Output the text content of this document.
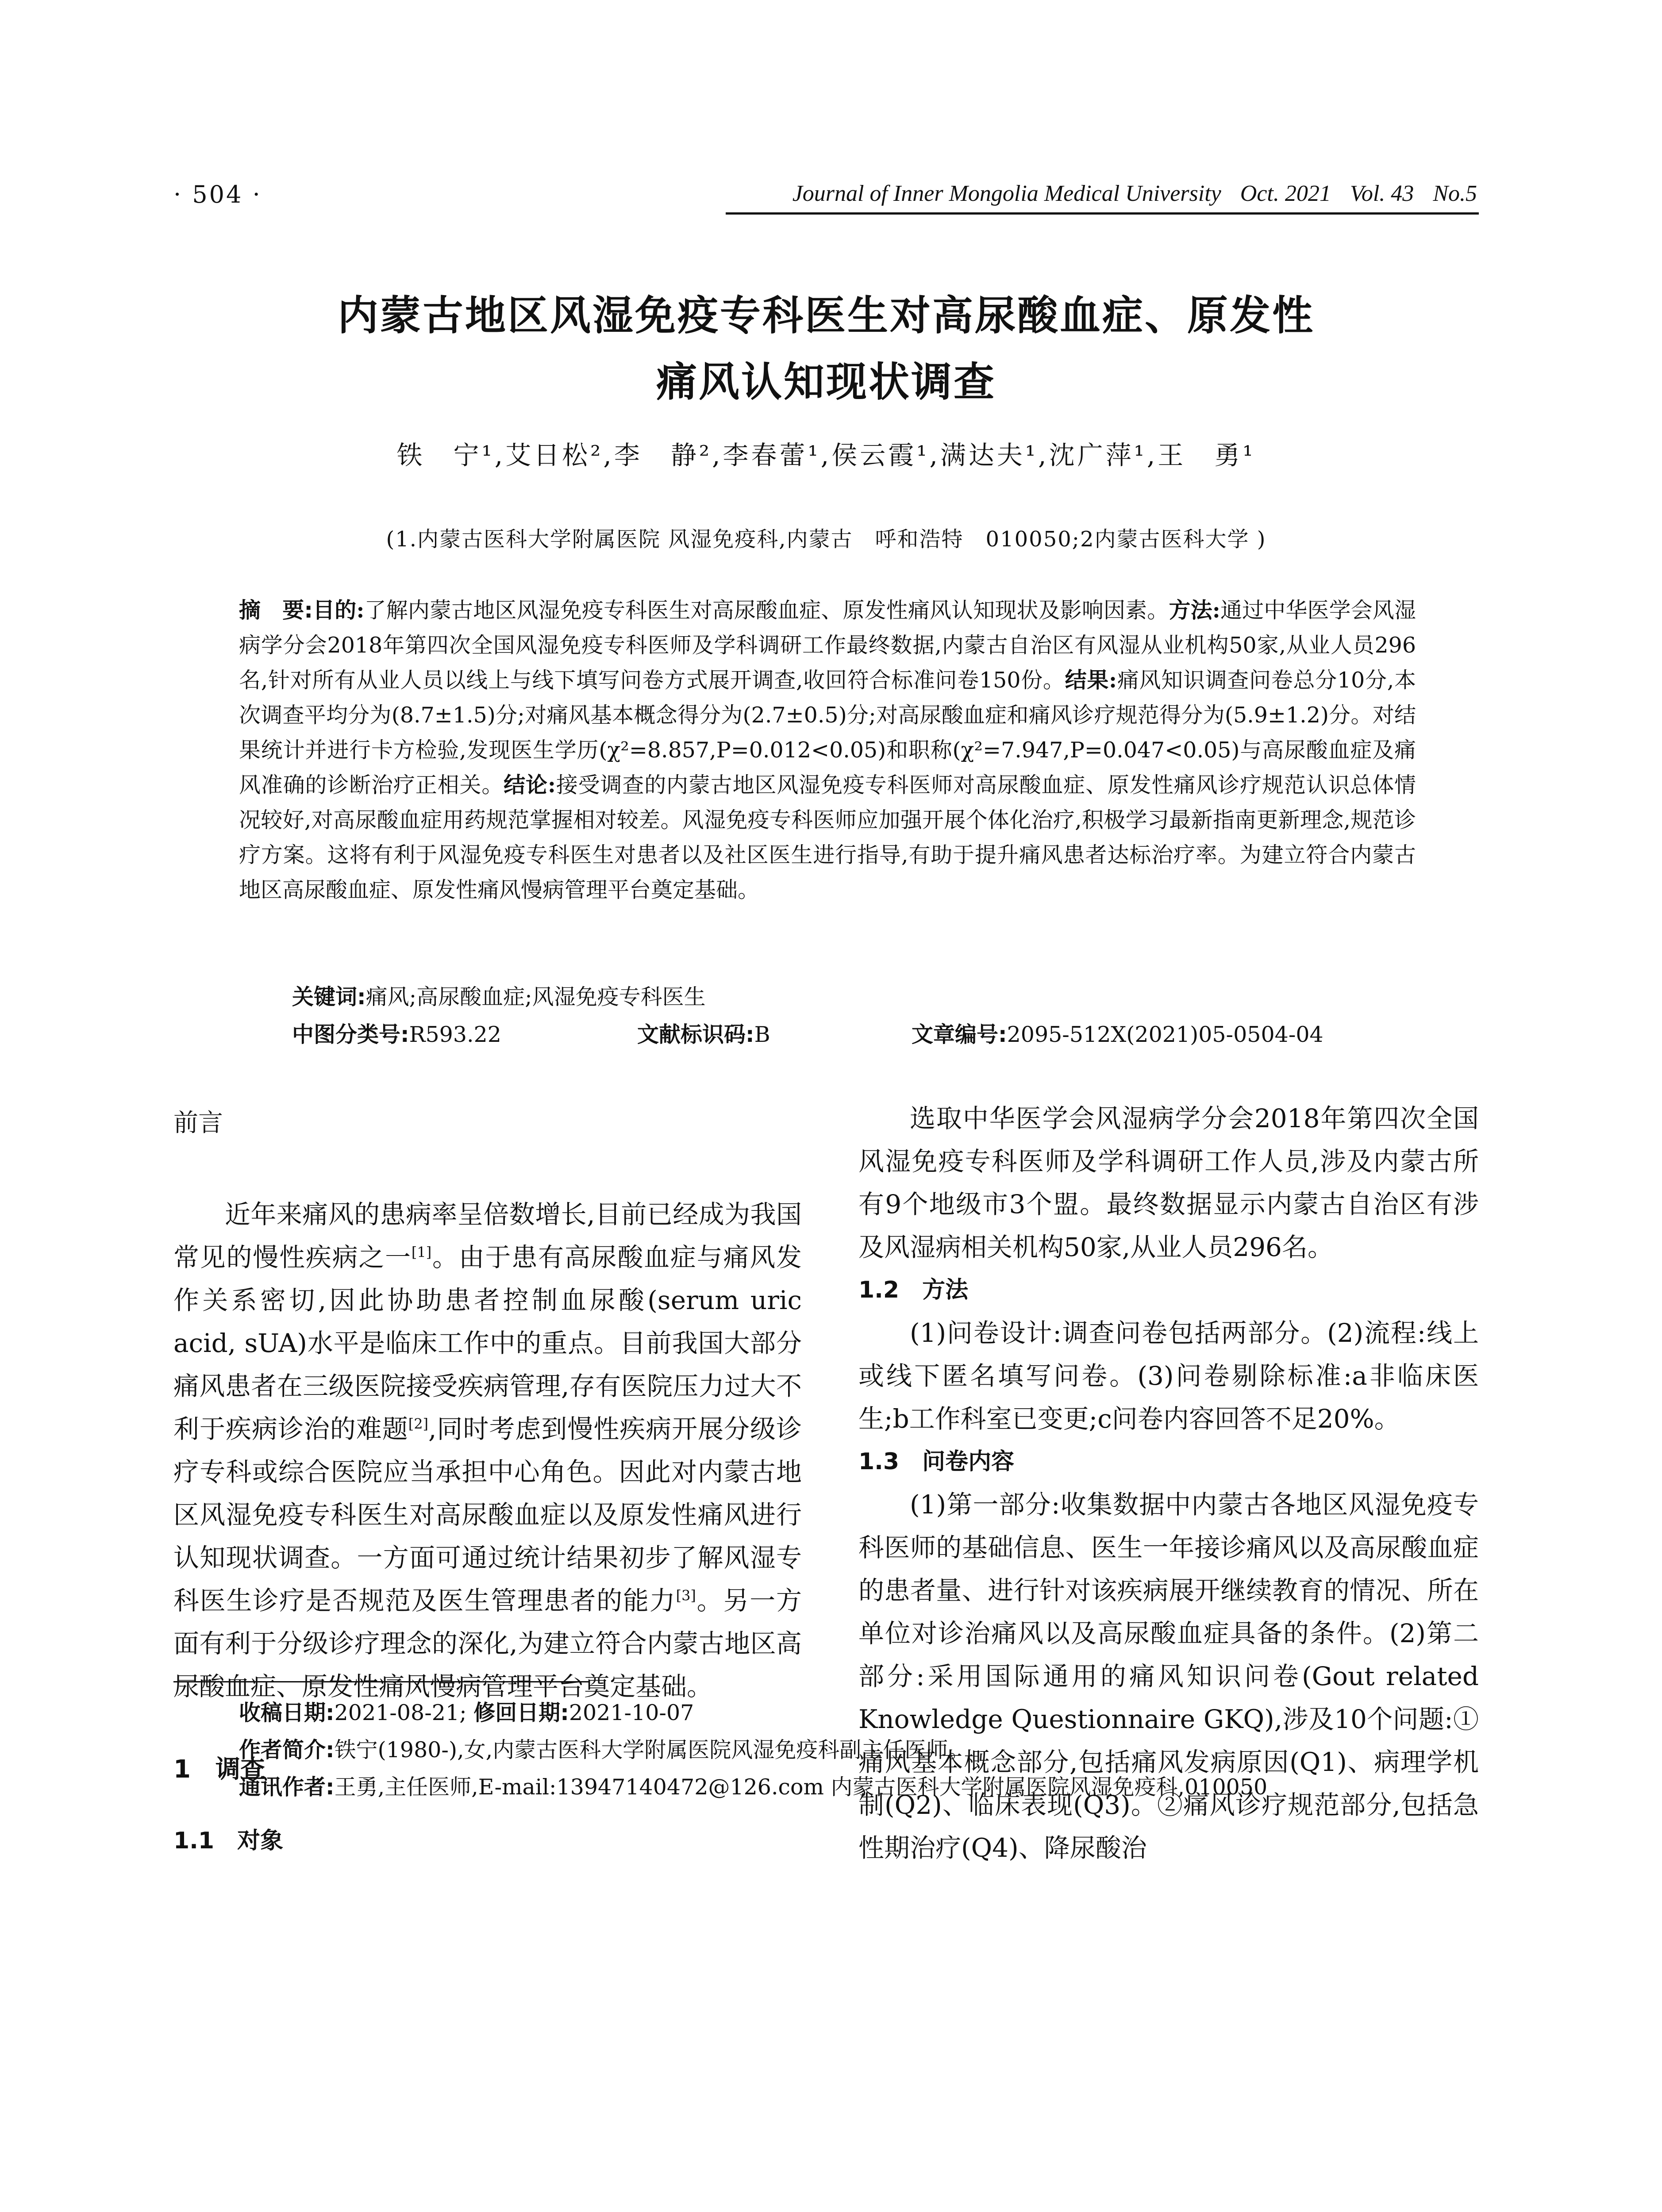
· 504 ·	Journal of Inner Mongolia Medical University Oct. 2021 Vol. 43 No.5
内蒙古地区风湿免疫专科医生对高尿酸血症、原发性
痛风认知现状调查
铁　宁¹,艾日松²,李　静²,李春蕾¹,侯云霞¹,满达夫¹,沈广萍¹,王　勇¹
(1.内蒙古医科大学附属医院 风湿免疫科,内蒙古　呼和浩特　010050;2内蒙古医科大学 )
摘　要:目的:了解内蒙古地区风湿免疫专科医生对高尿酸血症、原发性痛风认知现状及影响因素。方法:通过中华医学会风湿病学分会2018年第四次全国风湿免疫专科医师及学科调研工作最终数据,内蒙古自治区有风湿从业机构50家,从业人员296名,针对所有从业人员以线上与线下填写问卷方式展开调查,收回符合标准问卷150份。结果:痛风知识调查问卷总分10分,本次调查平均分为(8.7±1.5)分;对痛风基本概念得分为(2.7±0.5)分;对高尿酸血症和痛风诊疗规范得分为(5.9±1.2)分。对结果统计并进行卡方检验,发现医生学历(χ²=8.857,P=0.012<0.05)和职称(χ²=7.947,P=0.047<0.05)与高尿酸血症及痛风准确的诊断治疗正相关。结论:接受调查的内蒙古地区风湿免疫专科医师对高尿酸血症、原发性痛风诊疗规范认识总体情况较好,对高尿酸血症用药规范掌握相对较差。风湿免疫专科医师应加强开展个体化治疗,积极学习最新指南更新理念,规范诊疗方案。这将有利于风湿免疫专科医生对患者以及社区医生进行指导,有助于提升痛风患者达标治疗率。为建立符合内蒙古地区高尿酸血症、原发性痛风慢病管理平台奠定基础。
关键词:痛风;高尿酸血症;风湿免疫专科医生
中图分类号:R593.22	文献标识码:B	文章编号:2095-512X(2021)05-0504-04
前言

近年来痛风的患病率呈倍数增长,目前已经成为我国常见的慢性疾病之一[1]。由于患有高尿酸血症与痛风发作关系密切,因此协助患者控制血尿酸(serum uric acid, sUA)水平是临床工作中的重点。目前我国大部分痛风患者在三级医院接受疾病管理,存有医院压力过大不利于疾病诊治的难题[2],同时考虑到慢性疾病开展分级诊疗专科或综合医院应当承担中心角色。因此对内蒙古地区风湿免疫专科医生对高尿酸血症以及原发性痛风进行认知现状调查。一方面可通过统计结果初步了解风湿专科医生诊疗是否规范及医生管理患者的能力[3]。另一方面有利于分级诊疗理念的深化,为建立符合内蒙古地区高尿酸血症、原发性痛风慢病管理平台奠定基础。

1　调查
1.1　对象

选取中华医学会风湿病学分会2018年第四次全国风湿免疫专科医师及学科调研工作人员,涉及内蒙古所有9个地级市3个盟。最终数据显示内蒙古自治区有涉及风湿病相关机构50家,从业人员296名。

1.2　方法

(1)问卷设计:调查问卷包括两部分。(2)流程:线上或线下匿名填写问卷。(3)问卷剔除标准:a非临床医生;b工作科室已变更;c问卷内容回答不足20%。

1.3　问卷内容

(1)第一部分:收集数据中内蒙古各地区风湿免疫专科医师的基础信息、医生一年接诊痛风以及高尿酸血症的患者量、进行针对该疾病展开继续教育的情况、所在单位对诊治痛风以及高尿酸血症具备的条件。(2)第二部分:采用国际通用的痛风知识问卷(Gout related Knowledge Questionnaire GKQ),涉及10个问题:①痛风基本概念部分,包括痛风发病原因(Q1)、病理学机制(Q2)、临床表现(Q3)。②痛风诊疗规范部分,包括急性期治疗(Q4)、降尿酸治

收稿日期:2021-08-21; 修回日期:2021-10-07
作者简介:铁宁(1980-),女,内蒙古医科大学附属医院风湿免疫科副主任医师。
通讯作者:王勇,主任医师,E-mail:13947140472@126.com 内蒙古医科大学附属医院风湿免疫科,010050
